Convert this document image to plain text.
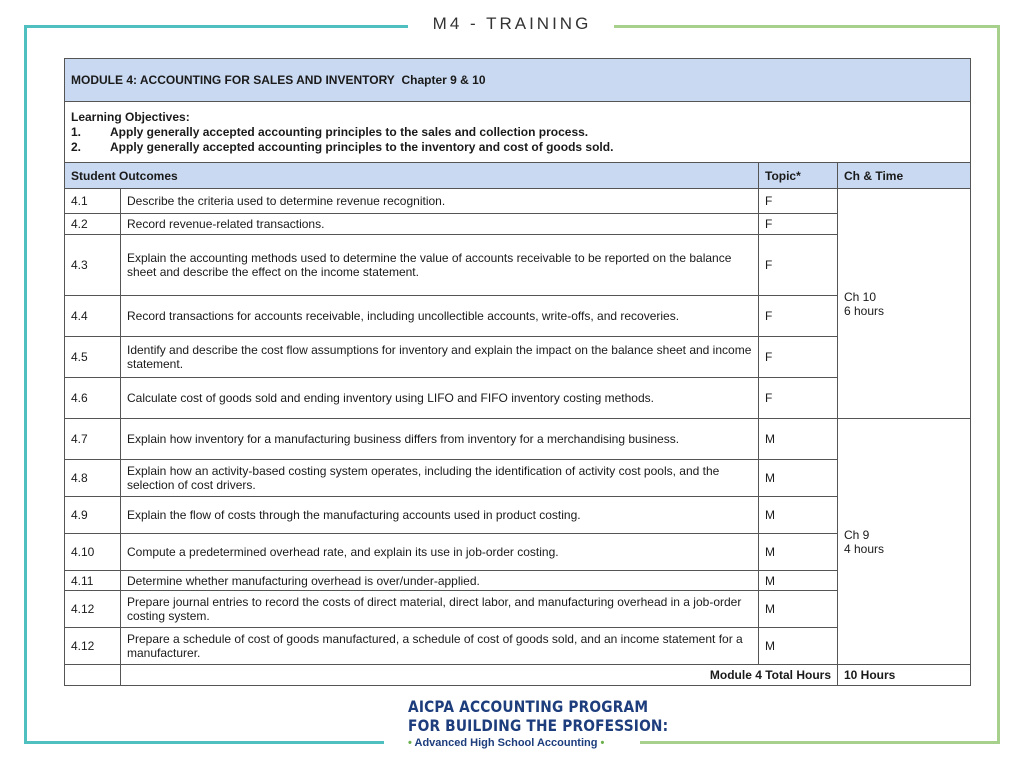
M4 - TRAINING
MODULE 4: ACCOUNTING FOR SALES AND INVENTORY Chapter 9 & 10			

Learning Objectives:
1. Apply generally accepted accounting principles to the sales and collection process.
2. Apply generally accepted accounting principles to the inventory and cost of goods sold.			

Student Outcomes		Topic*	Ch & Time
4.1	Describe the criteria used to determine revenue recognition.	F	Ch 10
6 hours

4.2	Record revenue-related transactions.	F	
4.3	Explain the accounting methods used to determine the value of accounts receivable to be reported on the balance sheet and describe the effect on the income statement.	F	
4.4	Record transactions for accounts receivable, including uncollectible accounts, write-offs, and recoveries.	F	
4.5	Identify and describe the cost flow assumptions for inventory and explain the impact on the balance sheet and income statement.	F	
4.6	Calculate cost of goods sold and ending inventory using LIFO and FIFO inventory costing methods.	F	
4.7	Explain how inventory for a manufacturing business differs from inventory for a merchandising business.	M	Ch 9
4 hours

4.8	Explain how an activity-based costing system operates, including the identification of activity cost pools, and the selection of cost drivers.	M	
4.9	Explain the flow of costs through the manufacturing accounts used in product costing.	M	
4.10	Compute a predetermined overhead rate, and explain its use in job-order costing.	M	
4.11	Determine whether manufacturing overhead is over/under-applied.	M	
4.12	Prepare journal entries to record the costs of direct material, direct labor, and manufacturing overhead in a job-order costing system.	M	
4.12	Prepare a schedule of cost of goods manufactured, a schedule of cost of goods sold, and an income statement for a manufacturer.	M	
	Module 4 Total Hours		10 Hours
AICPA ACCOUNTING PROGRAM
FOR BUILDING THE PROFESSION:
• Advanced High School Accounting •
